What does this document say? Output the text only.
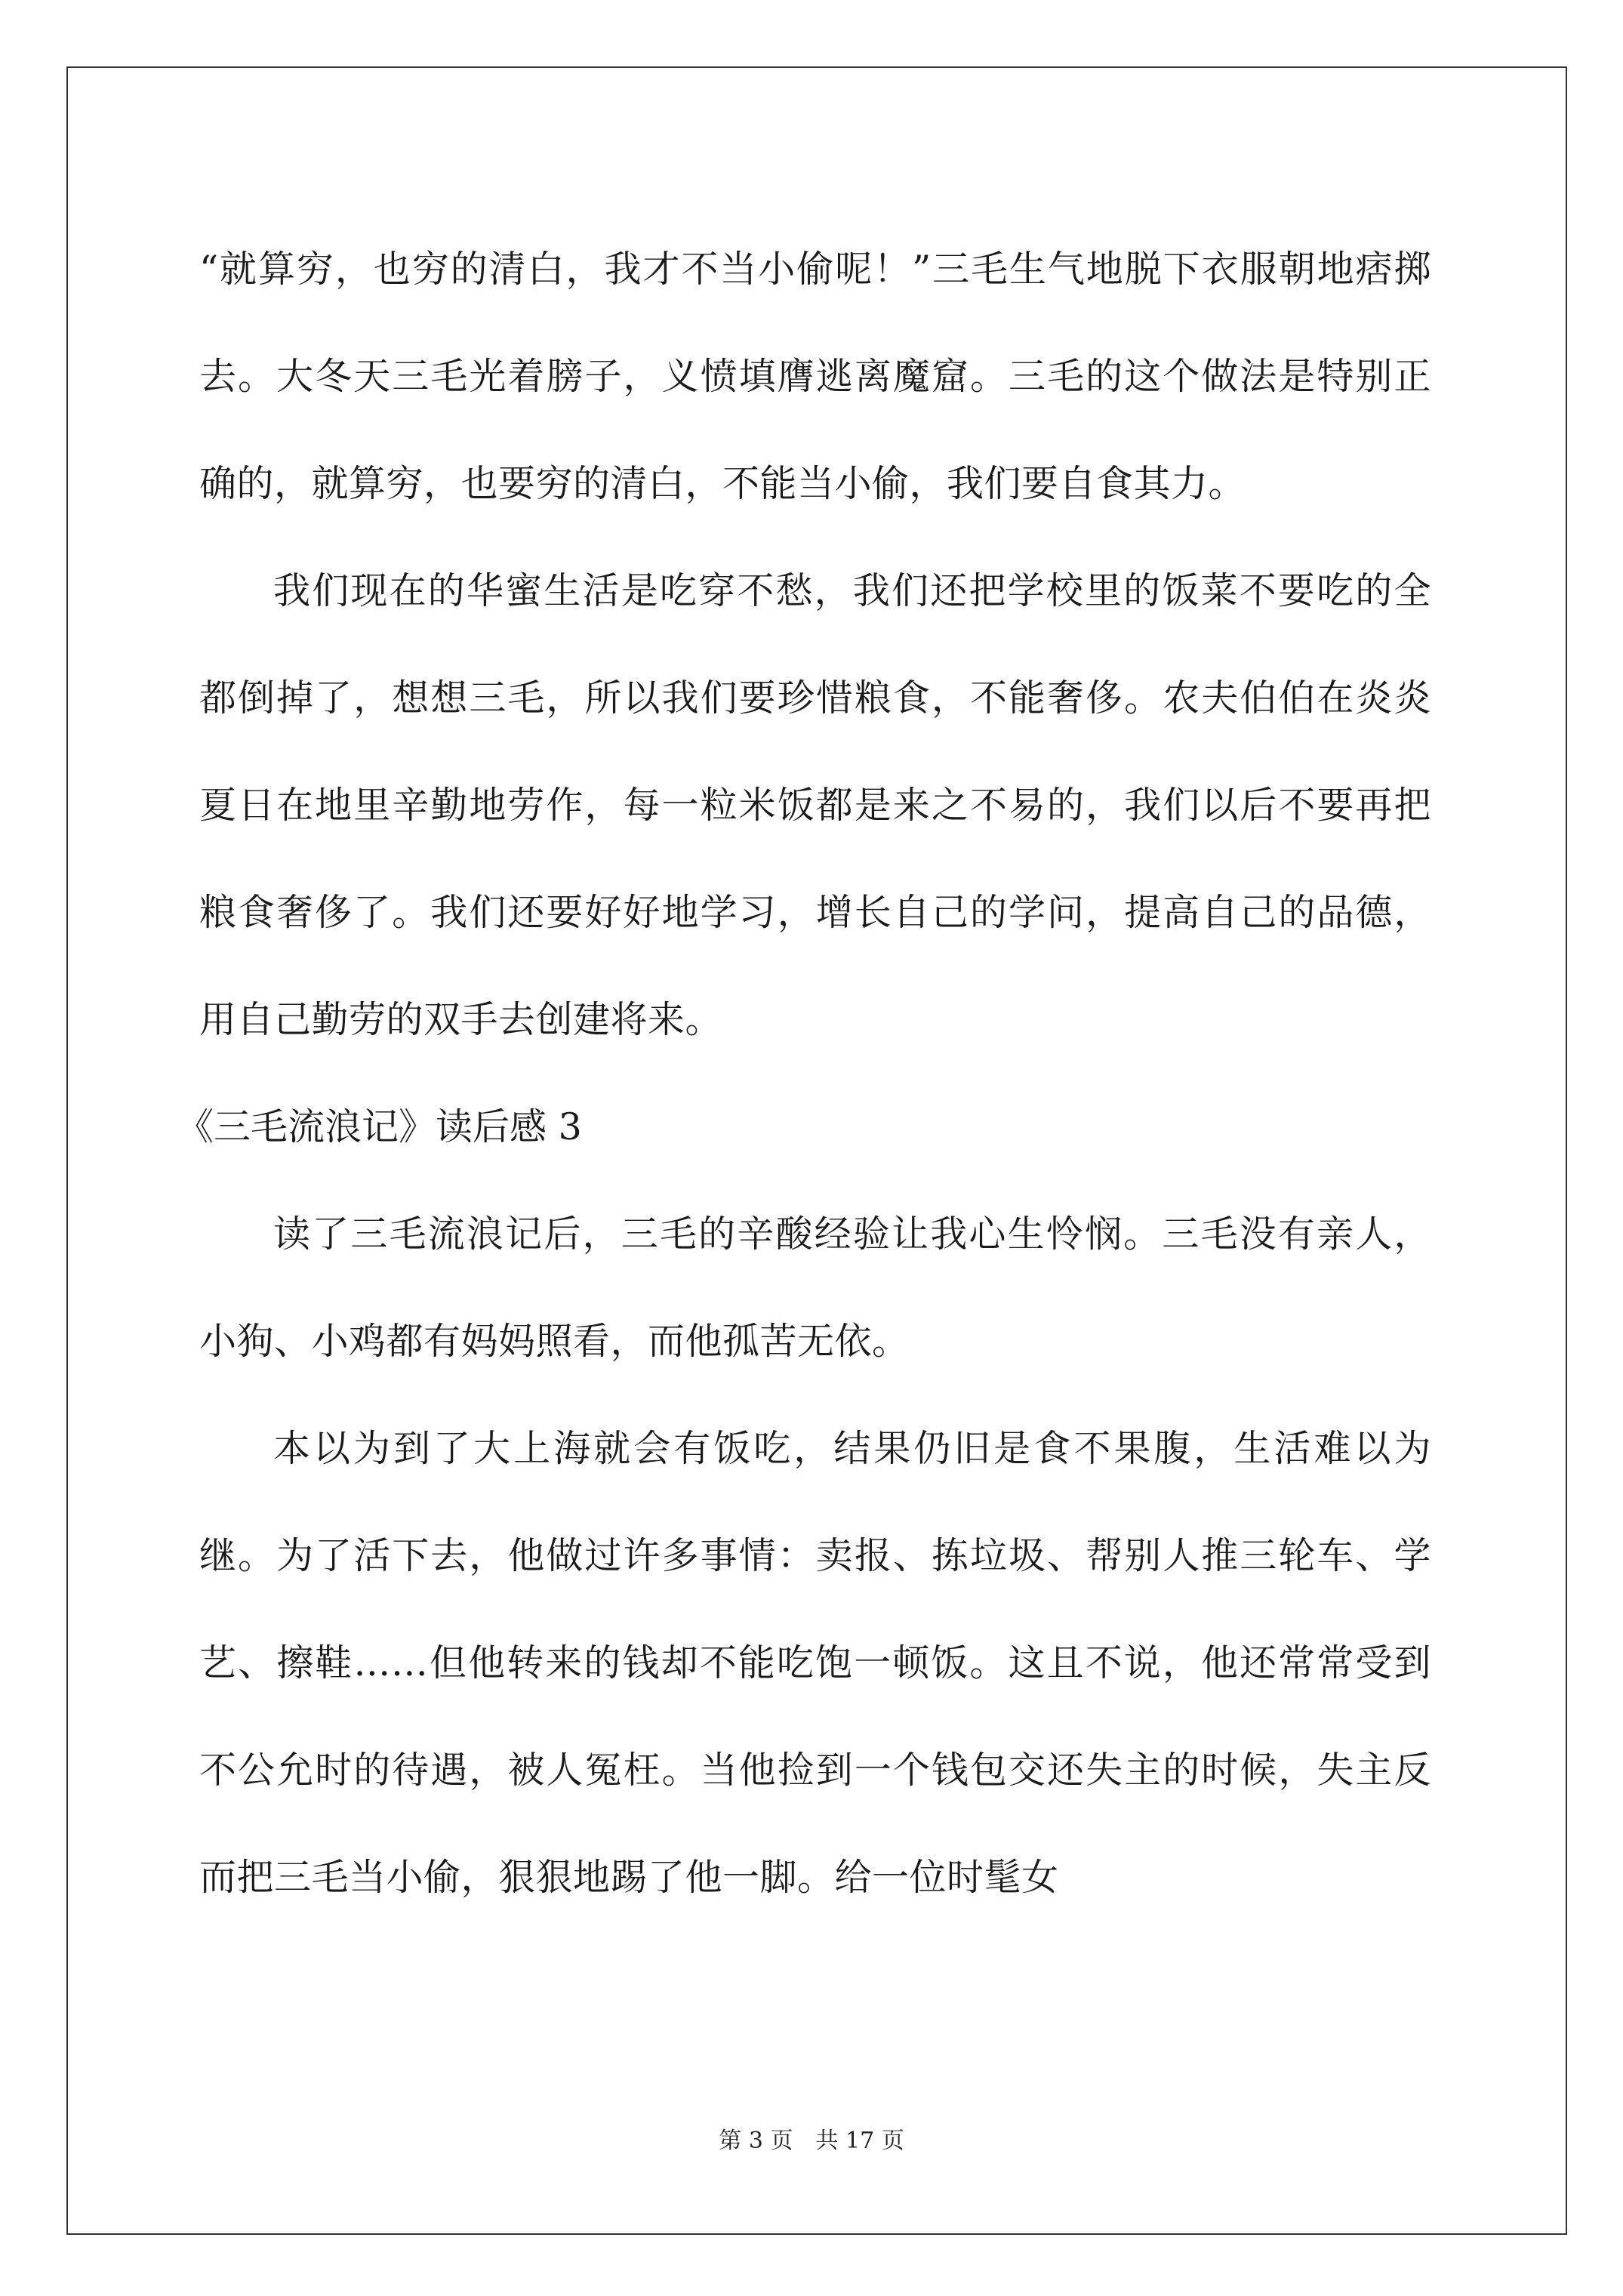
“就算穷，也穷的清白，我才不当小偷呢！”三毛生气地脱下衣服朝地痞掷去。大冬天三毛光着膀子，义愤填膺逃离魔窟。三毛的这个做法是特别正确的，就算穷，也要穷的清白，不能当小偷，我们要自食其力。

我们现在的华蜜生活是吃穿不愁，我们还把学校里的饭菜不要吃的全都倒掉了，想想三毛，所以我们要珍惜粮食，不能奢侈。农夫伯伯在炎炎夏日在地里辛勤地劳作，每一粒米饭都是来之不易的，我们以后不要再把粮食奢侈了。我们还要好好地学习，增长自己的学问，提高自己的品德，用自己勤劳的双手去创建将来。

《三毛流浪记》读后感 3

读了三毛流浪记后，三毛的辛酸经验让我心生怜悯。三毛没有亲人，小狗、小鸡都有妈妈照看，而他孤苦无依。

本以为到了大上海就会有饭吃，结果仍旧是食不果腹，生活难以为继。为了活下去，他做过许多事情：卖报、拣垃圾、帮别人推三轮车、学艺、擦鞋……但他转来的钱却不能吃饱一顿饭。这且不说，他还常常受到不公允时的待遇，被人冤枉。当他捡到一个钱包交还失主的时候，失主反而把三毛当小偷，狠狠地踢了他一脚。给一位时髦女

第 3 页　共 17 页
